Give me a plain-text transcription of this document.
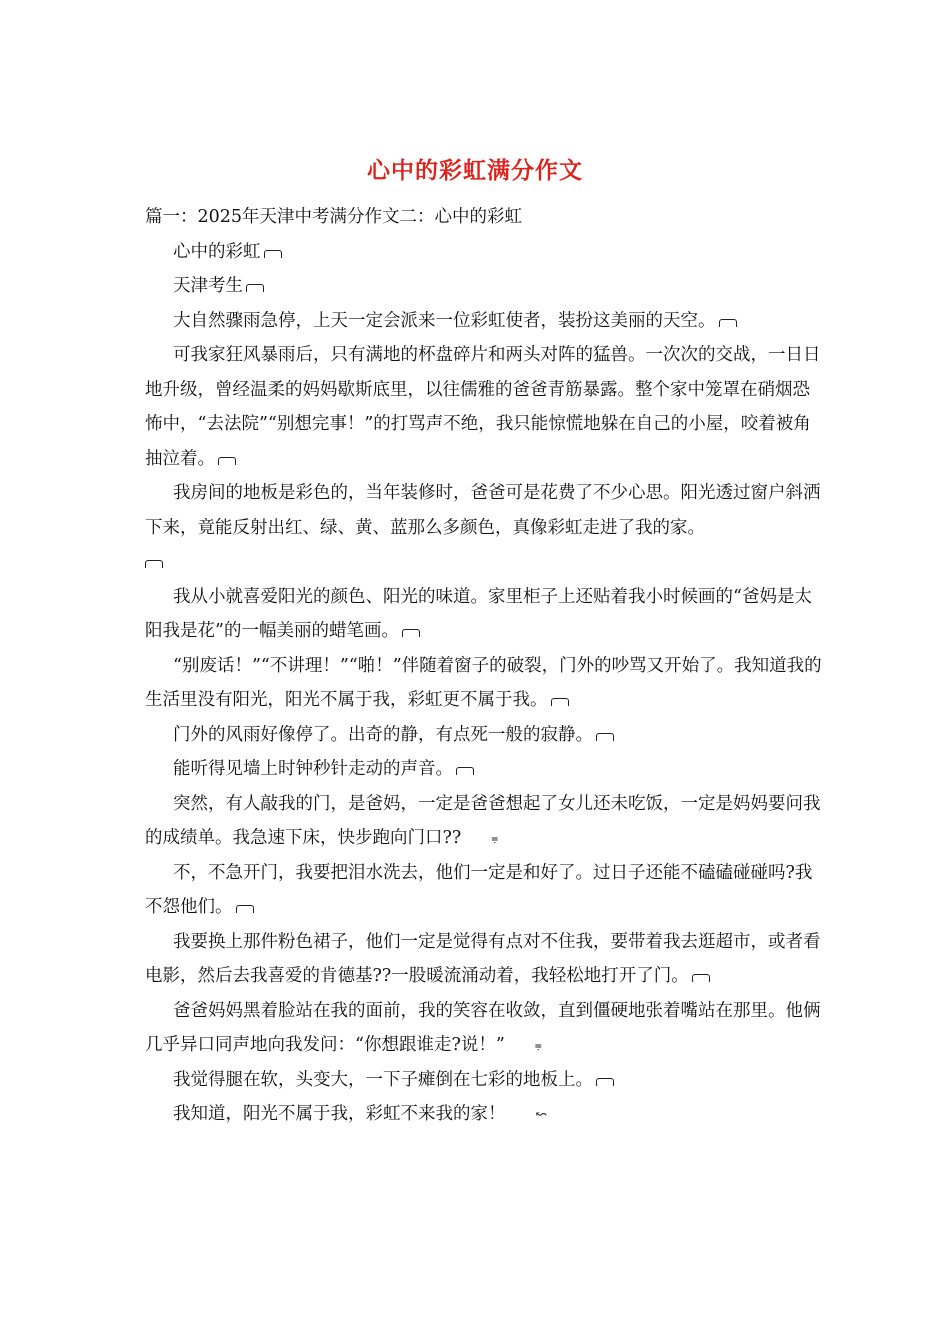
心中的彩虹满分作文

篇一：2025年天津中考满分作文二：心中的彩虹

心中的彩虹

天津考生

大自然骤雨急停，上天一定会派来一位彩虹使者，装扮这美丽的天空。

可我家狂风暴雨后，只有满地的杯盘碎片和两头对阵的猛兽。一次次的交战，一日日地升级，曾经温柔的妈妈歇斯底里，以往儒雅的爸爸青筋暴露。整个家中笼罩在硝烟恐怖中，“去法院”“别想完事！”的打骂声不绝，我只能惊慌地躲在自己的小屋，咬着被角抽泣着。

我房间的地板是彩色的，当年装修时，爸爸可是花费了不少心思。阳光透过窗户斜洒下来，竟能反射出红、绿、黄、蓝那么多颜色，真像彩虹走进了我的家。

我从小就喜爱阳光的颜色、阳光的味道。家里柜子上还贴着我小时候画的“爸妈是太阳我是花”的一幅美丽的蜡笔画。

“别废话！”“不讲理！”“啪！”伴随着窗子的破裂，门外的吵骂又开始了。我知道我的生活里没有阳光，阳光不属于我，彩虹更不属于我。

门外的风雨好像停了。出奇的静，有点死一般的寂静。

能听得见墙上时钟秒针走动的声音。

突然，有人敲我的门，是爸妈，一定是爸爸想起了女儿还未吃饭，一定是妈妈要问我的成绩单。我急速下床，快步跑向门口??	⩦

不，不急开门，我要把泪水洗去，他们一定是和好了。过日子还能不磕磕碰碰吗?我不怨他们。

我要换上那件粉色裙子，他们一定是觉得有点对不住我，要带着我去逛超市，或者看电影，然后去我喜爱的肯德基??一股暖流涌动着，我轻松地打开了门。

爸爸妈妈黑着脸站在我的面前，我的笑容在收敛，直到僵硬地张着嘴站在那里。他俩几乎异口同声地向我发问：“你想跟谁走?说！”	⩦

我觉得腿在软，头变大，一下子瘫倒在七彩的地板上。

我知道，阳光不属于我，彩虹不来我的家！ ↜
